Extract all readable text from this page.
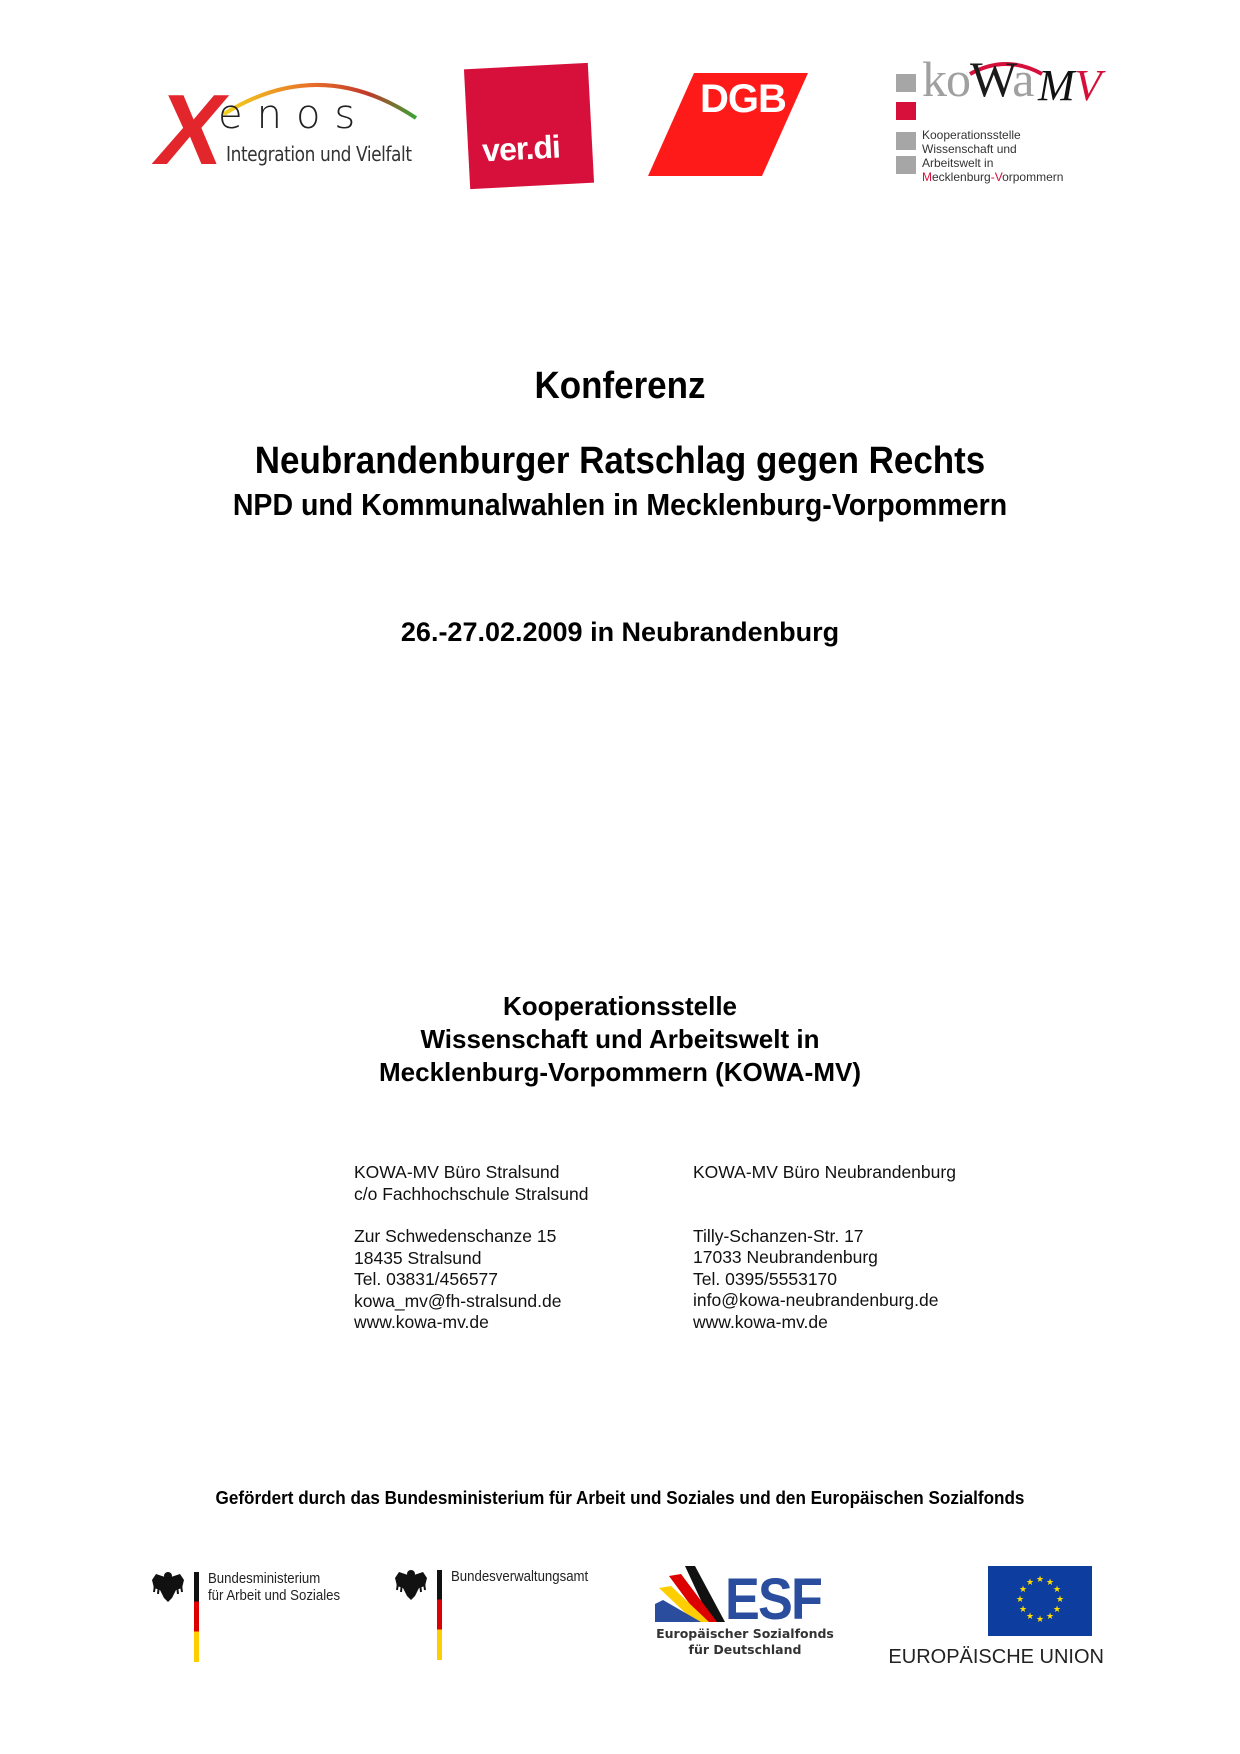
X
enos
Integration und Vielfalt ver.di
DGB	koWa MV
Kooperationsstelle
Wissenschaft und
Arbeitswelt in
Mecklenburg-Vorpommern
Konferenz
Neubrandenburger Ratschlag gegen Rechts
NPD und Kommunalwahlen in Mecklenburg-Vorpommern
26.-27.02.2009 in Neubrandenburg
Kooperationsstelle
Wissenschaft und Arbeitswelt in
Mecklenburg-Vorpommern (KOWA-MV)
KOWA-MV Büro Stralsund
c/o Fachhochschule Stralsund
Zur Schwedenschanze 15
18435 Stralsund
Tel. 03831/456577
kowa_mv@fh-stralsund.de
www.kowa-mv.de
KOWA-MV Büro Neubrandenburg
Tilly-Schanzen-Str. 17
17033 Neubrandenburg
Tel. 0395/5553170
info@kowa-neubrandenburg.de
www.kowa-mv.de
Gefördert durch das Bundesministerium für Arbeit und Soziales und den Europäischen Sozialfonds
Bundesministerium
für Arbeit und Soziales
Bundesverwaltungsamt ESF
Europäischer Sozialfonds
für Deutschland
★ ★
★
★
★
★
★
★
★
★
★
★
EUROPÄISCHE UNION
